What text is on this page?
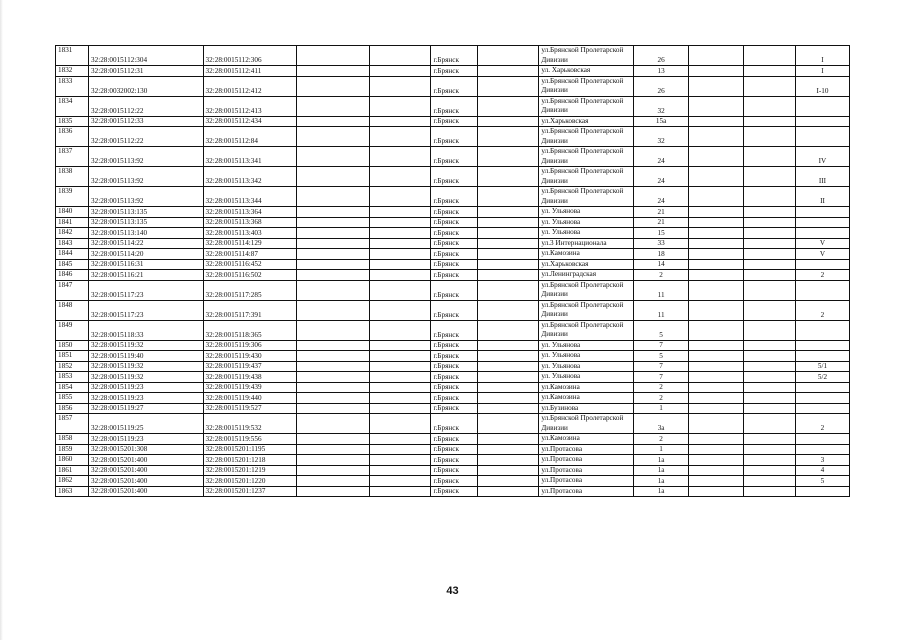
1831	32:28:0015112:304	32:28:0015112:306			г.Брянск		ул.Брянской Пролетарской Дивизии	26			I
1832	32:28:0015112:31	32:28:0015112:411			г.Брянск		ул. Харьковская	13			I
1833	32:28:0032002:130	32:28:0015112:412			г.Брянск		ул.Брянской Пролетарской Дивизии	26			I-10
1834	32:28:0015112:22	32:28:0015112:413			г.Брянск		ул.Брянской Пролетарской Дивизии	32			
1835	32:28:0015112:33	32:28:0015112:434			г.Брянск		ул.Харьковская	15а			
1836	32:28:0015112:22	32:28:0015112:84			г.Брянск		ул.Брянской Пролетарской Дивизии	32			
1837	32:28:0015113:92	32:28:0015113:341			г.Брянск		ул.Брянской Пролетарской Дивизии	24			IV
1838	32:28:0015113:92	32:28:0015113:342			г.Брянск		ул.Брянской Пролетарской Дивизии	24			III
1839	32:28:0015113:92	32:28:0015113:344			г.Брянск		ул.Брянской Пролетарской Дивизии	24			II
1840	32:28:0015113:135	32:28:0015113:364			г.Брянск		ул. Ульянова	21			
1841	32:28:0015113:135	32:28:0015113:368			г.Брянск		ул. Ульянова	21			
1842	32:28:0015113:140	32:28:0015113:403			г.Брянск		ул. Ульянова	15			
1843	32:28:0015114:22	32:28:0015114:129			г.Брянск		ул.3 Интернационала	33			V
1844	32:28:0015114:20	32:28:0015114:87			г.Брянск		ул.Камозина	18			V
1845	32:28:0015116:31	32:28:0015116:452			г.Брянск		ул.Харьковская	14			
1846	32:28:0015116:21	32:28:0015116:502			г.Брянск		ул.Ленинградская	2			2
1847	32:28:0015117:23	32:28:0015117:285			г.Брянск		ул.Брянской Пролетарской Дивизии	11			
1848	32:28:0015117:23	32:28:0015117:391			г.Брянск		ул.Брянской Пролетарской Дивизии	11			2
1849	32:28:0015118:33	32:28:0015118:365			г.Брянск		ул.Брянской Пролетарской Дивизии	5			
1850	32:28:0015119:32	32:28:0015119:306			г.Брянск		ул. Ульянова	7			
1851	32:28:0015119:40	32:28:0015119:430			г.Брянск		ул. Ульянова	5			
1852	32:28:0015119:32	32:28:0015119:437			г.Брянск		ул. Ульянова	7			5/1
1853	32:28:0015119:32	32:28:0015119:438			г.Брянск		ул. Ульянова	7			5/2
1854	32:28:0015119:23	32:28:0015119:439			г.Брянск		ул.Камозина	2			
1855	32:28:0015119:23	32:28:0015119:440			г.Брянск		ул.Камозина	2			
1856	32:28:0015119:27	32:28:0015119:527			г.Брянск		ул.Бузинова	1			
1857	32:28:0015119:25	32:28:0015119:532			г.Брянск		ул.Брянской Пролетарской Дивизии	3а			2
1858	32:28:0015119:23	32:28:0015119:556			г.Брянск		ул.Камозина	2			
1859	32:28:0015201:308	32:28:0015201:1195			г.Брянск		ул.Протасова	1			
1860	32:28:0015201:400	32:28:0015201:1218			г.Брянск		ул.Протасова	1а			3
1861	32:28:0015201:400	32:28:0015201:1219			г.Брянск		ул.Протасова	1а			4
1862	32:28:0015201:400	32:28:0015201:1220			г.Брянск		ул.Протасова	1а			5
1863	32:28:0015201:400	32:28:0015201:1237			г.Брянск		ул.Протасова	1а			
43
